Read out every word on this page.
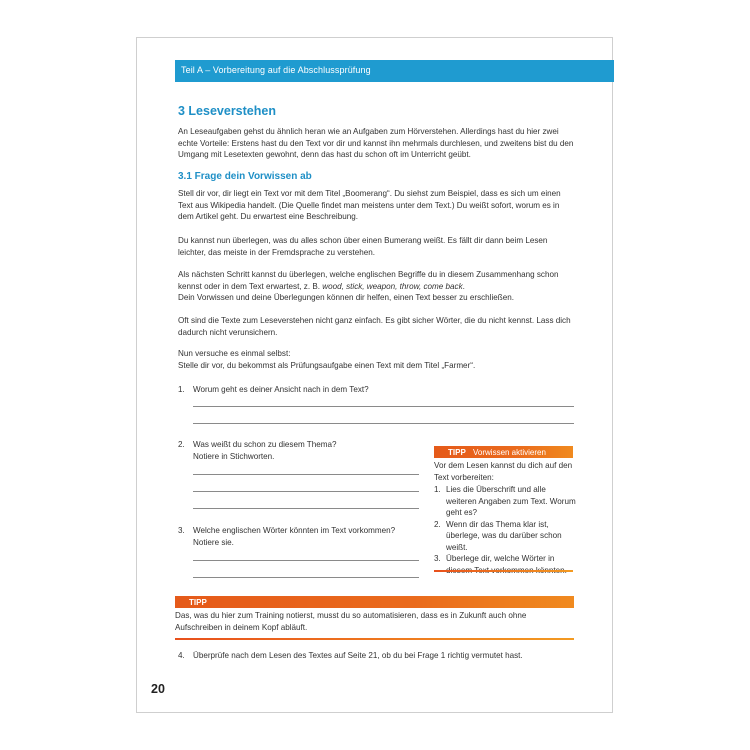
Teil A – Vorbereitung auf die Abschlussprüfung
3 Leseverstehen
An Leseaufgaben gehst du ähnlich heran wie an Aufgaben zum Hörverstehen. Allerdings hast du hier zwei echte Vorteile: Erstens hast du den Text vor dir und kannst ihn mehrmals durchlesen, und zweitens bist du den Umgang mit Lesetexten gewohnt, denn das hast du schon oft im Unterricht geübt.
3.1 Frage dein Vorwissen ab
Stell dir vor, dir liegt ein Text vor mit dem Titel „Boomerang“. Du siehst zum Beispiel, dass es sich um einen Text aus Wikipedia handelt. (Die Quelle findet man meistens unter dem Text.) Du weißt sofort, worum es in dem Artikel geht. Du erwartest eine Beschreibung.
Du kannst nun überlegen, was du alles schon über einen Bumerang weißt. Es fällt dir dann beim Lesen leichter, das meiste in der Fremdsprache zu verstehen.
Als nächsten Schritt kannst du überlegen, welche englischen Begriffe du in diesem Zusammenhang schon kennst oder in dem Text erwartest, z. B. wood, stick, weapon, throw, come back.
Dein Vorwissen und deine Überlegungen können dir helfen, einen Text besser zu erschließen.
Oft sind die Texte zum Leseverstehen nicht ganz einfach. Es gibt sicher Wörter, die du nicht kennst. Lass dich dadurch nicht verunsichern.
Nun versuche es einmal selbst:
Stelle dir vor, du bekommst als Prüfungsaufgabe einen Text mit dem Titel „Farmer“.
1.	Worum geht es deiner Ansicht nach in dem Text?
2.	Was weißt du schon zu diesem Thema?
Notiere in Stichworten.
3.	Welche englischen Wörter könnten im Text vorkommen?
Notiere sie.
TIPP Vorwissen aktivieren
Vor dem Lesen kannst du dich auf den Text vorbereiten:
1. Lies die Überschrift und alle weiteren Angaben zum Text. Worum geht es?
2. Wenn dir das Thema klar ist, überlege, was du darüber schon weißt.
3. Überlege dir, welche Wörter in
TIPP
Das, was du hier zum Training notierst, musst du so automatisieren, dass es in Zukunft auch ohne Aufschreiben in deinem Kopf abläuft.
4.	Überprüfe nach dem Lesen des Textes auf Seite 21, ob du bei Frage 1 richtig vermutet hast.
20
